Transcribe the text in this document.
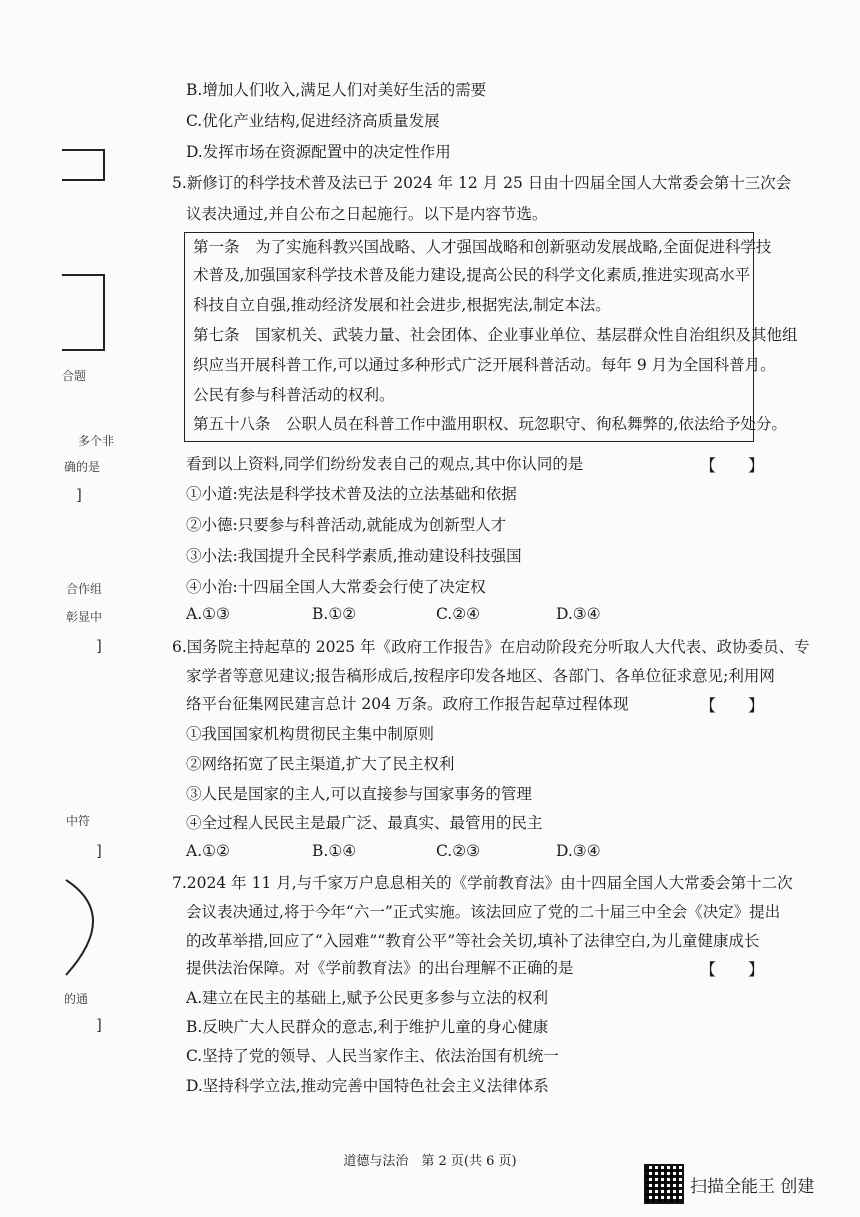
合题
多个非
确的是
]
合作组
彰显中
]
中符
]
的通
]
B.增加人们收入,满足人们对美好生活的需要
C.优化产业结构,促进经济高质量发展
D.发挥市场在资源配置中的决定性作用
5.新修订的科学技术普及法已于 2024 年 12 月 25 日由十四届全国人大常委会第十三次会
议表决通过,并自公布之日起施行。以下是内容节选。
第一条　为了实施科教兴国战略、人才强国战略和创新驱动发展战略,全面促进科学技
术普及,加强国家科学技术普及能力建设,提高公民的科学文化素质,推进实现高水平
科技自立自强,推动经济发展和社会进步,根据宪法,制定本法。
第七条　国家机关、武装力量、社会团体、企业事业单位、基层群众性自治组织及其他组
织应当开展科普工作,可以通过多种形式广泛开展科普活动。每年 9 月为全国科普月。
公民有参与科普活动的权利。
第五十八条　公职人员在科普工作中滥用职权、玩忽职守、徇私舞弊的,依法给予处分。
看到以上资料,同学们纷纷发表自己的观点,其中你认同的是	【　　】
①小道:宪法是科学技术普及法的立法基础和依据
②小德:只要参与科普活动,就能成为创新型人才
③小法:我国提升全民科学素质,推动建设科技强国
④小治:十四届全国人大常委会行使了决定权
A.①③	B.①②	C.②④	D.③④
6.国务院主持起草的 2025 年《政府工作报告》在启动阶段充分听取人大代表、政协委员、专
家学者等意见建议;报告稿形成后,按程序印发各地区、各部门、各单位征求意见;利用网
络平台征集网民建言总计 204 万条。政府工作报告起草过程体现	【　　】
①我国国家机构贯彻民主集中制原则
②网络拓宽了民主渠道,扩大了民主权利
③人民是国家的主人,可以直接参与国家事务的管理
④全过程人民民主是最广泛、最真实、最管用的民主
A.①②	B.①④	C.②③	D.③④
7.2024 年 11 月,与千家万户息息相关的《学前教育法》由十四届全国人大常委会第十二次
会议表决通过,将于今年“六一”正式实施。该法回应了党的二十届三中全会《决定》提出
的改革举措,回应了“入园难”“教育公平”等社会关切,填补了法律空白,为儿童健康成长
提供法治保障。对《学前教育法》的出台理解不正确的是	【　　】
A.建立在民主的基础上,赋予公民更多参与立法的权利
B.反映广大人民群众的意志,利于维护儿童的身心健康
C.坚持了党的领导、人民当家作主、依法治国有机统一
D.坚持科学立法,推动完善中国特色社会主义法律体系
道德与法治　第 2 页(共 6 页)
扫描全能王 创建
